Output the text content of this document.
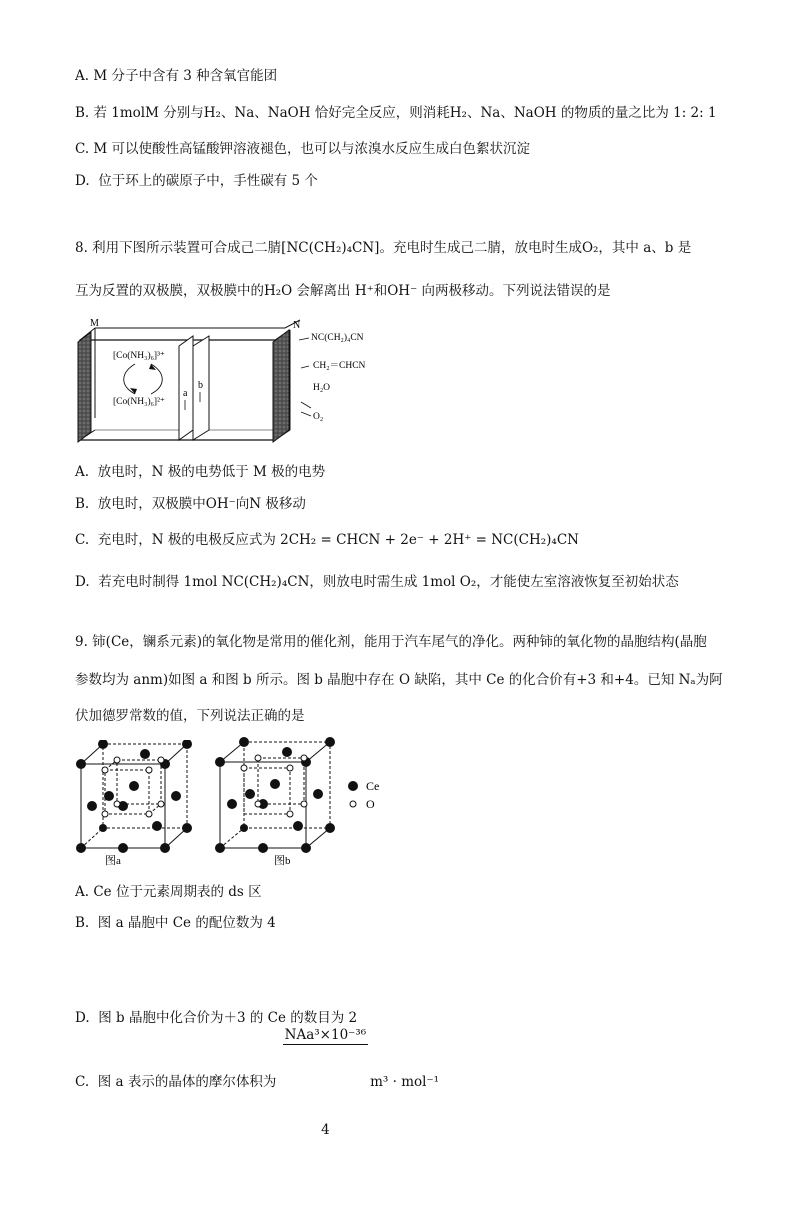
A. M 分子中含有 3 种含氧官能团
B. 若 1molM 分别与H₂、Na、NaOH 恰好完全反应，则消耗H₂、Na、NaOH 的物质的量之比为 1: 2: 1
C. M 可以使酸性高锰酸钾溶液褪色，也可以与浓溴水反应生成白色絮状沉淀
D.  位于环上的碳原子中，手性碳有 5 个
8. 利用下图所示装置可合成己二腈[NC(CH₂)₄CN]。充电时生成己二腈，放电时生成O₂，其中 a、b 是
互为反置的双极膜，双极膜中的H₂O 会解离出 H⁺和OH⁻ 向两极移动。下列说法错误的是
M	N
a
b
[Co(NH₃)₆]³⁺
[Co(NH₃)₆]²⁺
NC(CH₂)₄CN
CH₂＝CHCN
H₂O
O₂
A.  放电时，N 极的电势低于 M 极的电势
B.  放电时，双极膜中OH⁻向N 极移动
C.  充电时，N 极的电极反应式为 2CH₂ = CHCN + 2e⁻ + 2H⁺ = NC(CH₂)₄CN
D.  若充电时制得 1mol NC(CH₂)₄CN，则放电时需生成 1mol O₂，才能使左室溶液恢复至初始状态
9. 铈(Ce，镧系元素)的氧化物是常用的催化剂，能用于汽车尾气的净化。两种铈的氧化物的晶胞结构(晶胞
参数均为 anm)如图 a 和图 b 所示。图 b 晶胞中存在 O 缺陷，其中 Ce 的化合价有+3 和+4。已知 Nₐ为阿
伏加德罗常数的值，下列说法正确的是
图a	图b
Ce
O
A. Ce 位于元素周期表的 ds 区
B.  图 a 晶胞中 Ce 的配位数为 4
C.  图 a 表示的晶体的摩尔体积为
$\frac{\text{NAa³×10⁻³⁶}}{4} m^3 \cdot mol^{-1}$
D.  图 b 晶胞中化合价为＋3 的 Ce 的数目为 2
